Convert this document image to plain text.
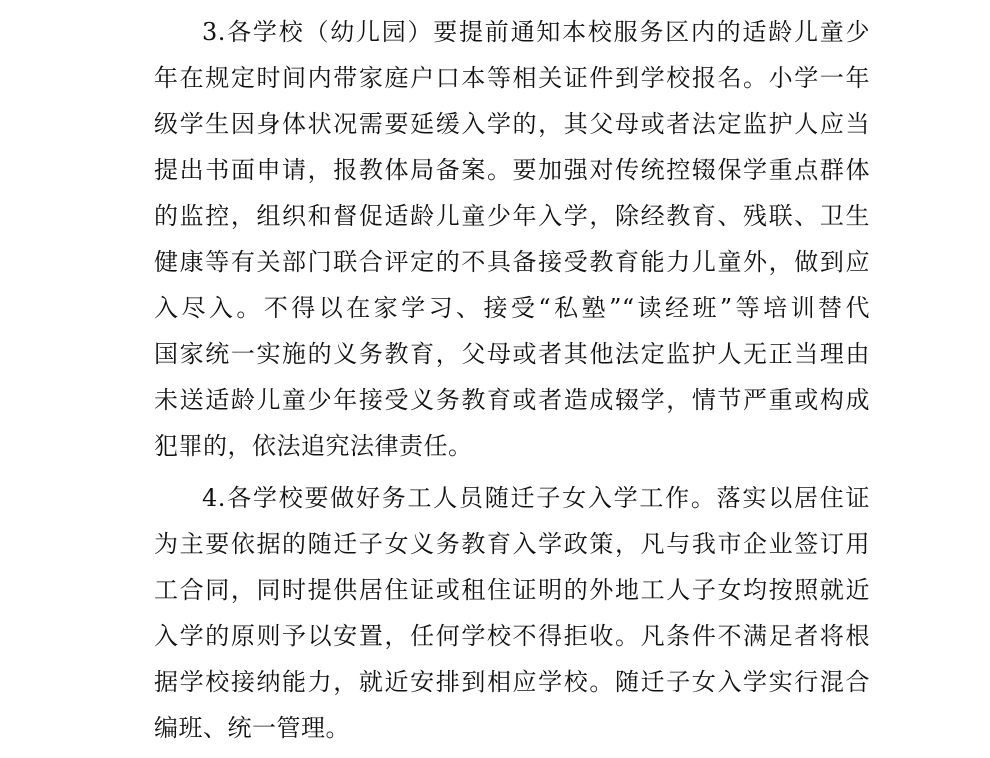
3.各学校（幼儿园）要提前通知本校服务区内的适龄儿童少
年在规定时间内带家庭户口本等相关证件到学校报名。小学一年
级学生因身体状况需要延缓入学的，其父母或者法定监护人应当
提出书面申请，报教体局备案。要加强对传统控辍保学重点群体
的监控，组织和督促适龄儿童少年入学，除经教育、残联、卫生
健康等有关部门联合评定的不具备接受教育能力儿童外，做到应
入尽入。不得以在家学习、接受“私塾”“读经班”等培训替代
国家统一实施的义务教育，父母或者其他法定监护人无正当理由
未送适龄儿童少年接受义务教育或者造成辍学，情节严重或构成
犯罪的，依法追究法律责任。
4.各学校要做好务工人员随迁子女入学工作。落实以居住证
为主要依据的随迁子女义务教育入学政策，凡与我市企业签订用
工合同，同时提供居住证或租住证明的外地工人子女均按照就近
入学的原则予以安置，任何学校不得拒收。凡条件不满足者将根
据学校接纳能力，就近安排到相应学校。随迁子女入学实行混合
编班、统一管理。
